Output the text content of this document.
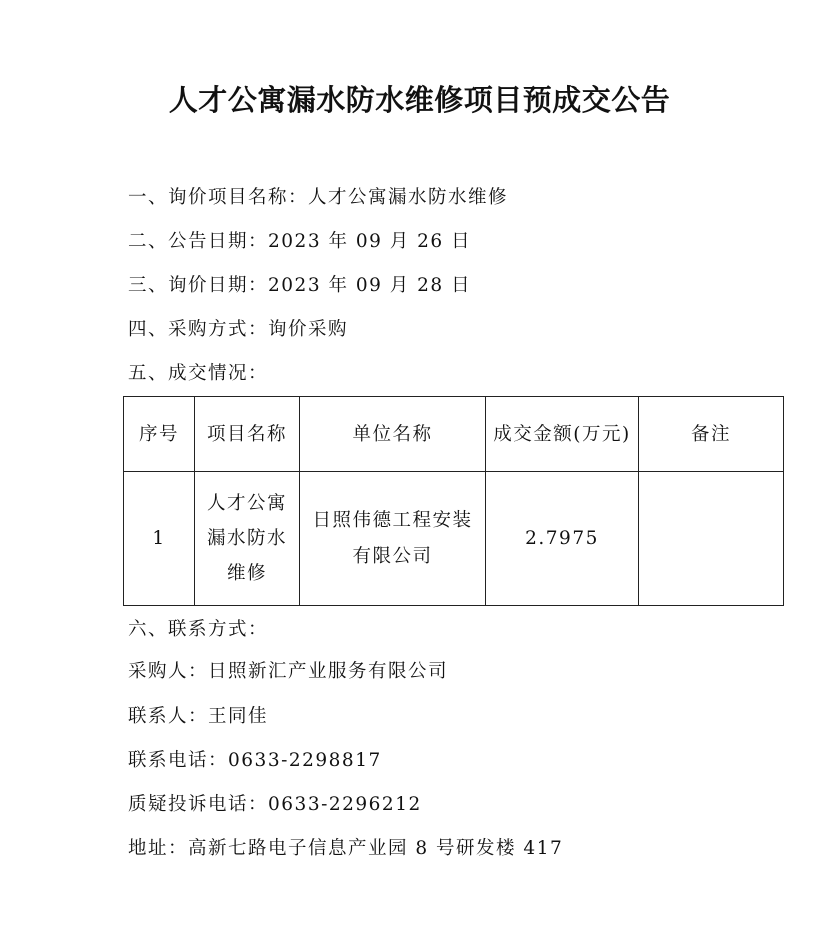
人才公寓漏水防水维修项目预成交公告
一、询价项目名称：人才公寓漏水防水维修
二、公告日期：2023 年 09 月 26 日
三、询价日期：2023 年 09 月 28 日
四、采购方式：询价采购
五、成交情况：
序号	项目名称	单位名称	成交金额(万元)	备注
1	人才公寓漏水防水维修	日照伟德工程安装有限公司	2.7975	
六、联系方式：
采购人：日照新汇产业服务有限公司
联系人：王同佳
联系电话：0633-2298817
质疑投诉电话：0633-2296212
地址：高新七路电子信息产业园 8 号研发楼 417
